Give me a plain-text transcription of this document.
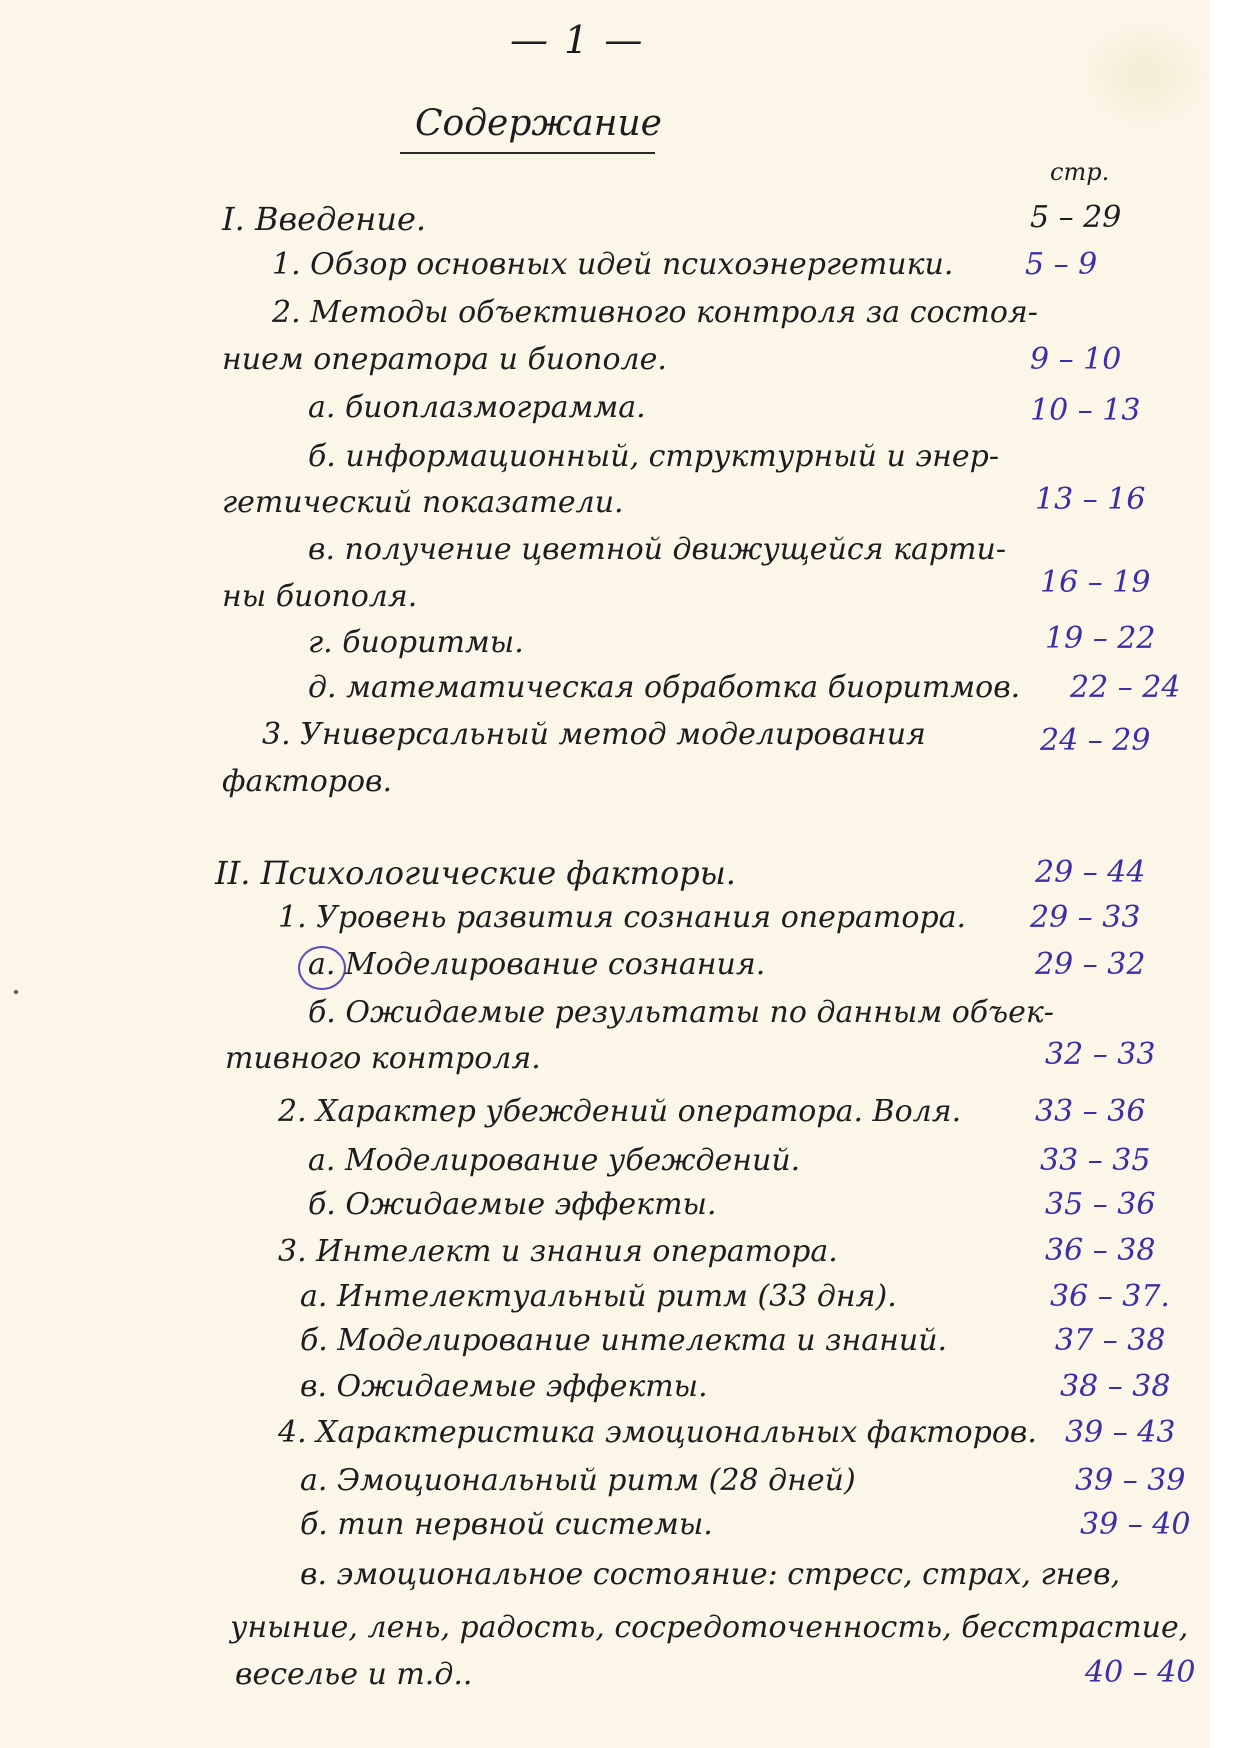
— 1 —
Содержание
стр.
I. Введение.	5 – 29
1. Обзор основных идей психоэнергетики. 5 – 9
2. Методы объективного контроля за состоя-
нием оператора и биополе.	9 – 10
а. биоплазмограмма.	10 – 13
б. информационный, структурный и энер-
гетический показатели.	13 – 16
в. получение цветной движущейся карти-
ны биополя.	16 – 19
г. биоритмы.	19 – 22
д. математическая обработка биоритмов. 22 – 24
3. Универсальный метод моделирования	24 – 29
факторов.
II. Психологические факторы.	29 – 44
1. Уровень развития сознания оператора. 29 – 33
а. Моделирование сознания.	29 – 32
б. Ожидаемые результаты по данным объек-
тивного контроля.	32 – 33
2. Характер убеждений оператора. Воля. 33 – 36
а. Моделирование убеждений.	33 – 35
б. Ожидаемые эффекты.	35 – 36
3. Интелект и знания оператора.	36 – 38
а. Интелектуальный ритм (33 дня).	36 – 37.
б. Моделирование интелекта и знаний.	37 – 38
в. Ожидаемые эффекты.	38 – 38
4. Характеристика эмоциональных факторов. 39 – 43
а. Эмоциональный ритм (28 дней)	39 – 39
б. тип нервной системы.	39 – 40
в. эмоциональное состояние: стресс, страх, гнев,
уныние, лень, радость, сосредоточенность, бесстрастие,
веселье и т.д..	40 – 40
